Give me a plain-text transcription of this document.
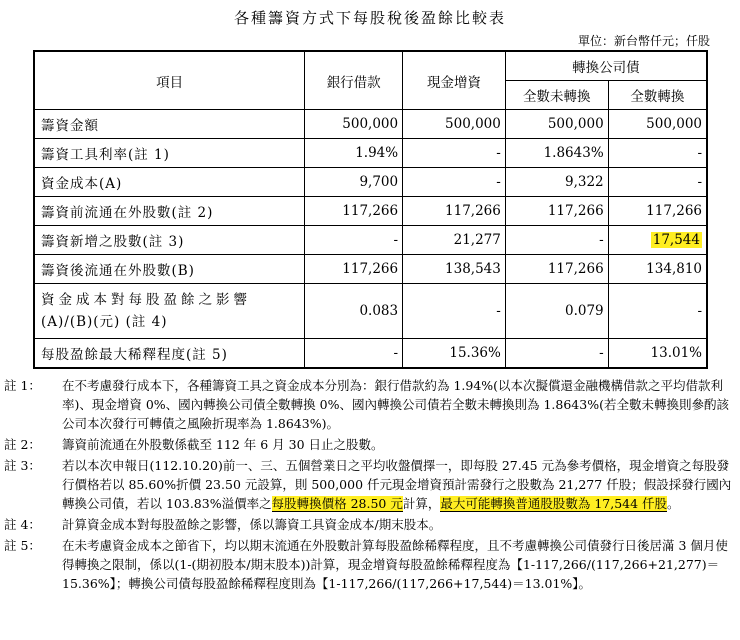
各種籌資方式下每股稅後盈餘比較表
單位：新台幣仟元；仟股
項目	銀行借款	現金增資	轉換公司債	
			全數未轉換	全數轉換
籌資金額	500,000	500,000	500,000	500,000
籌資工具利率(註 1)	1.94%	-	1.8643%	-
資金成本(A)	9,700	-	9,322	-
籌資前流通在外股數(註 2)	117,266	117,266	117,266	117,266
籌資新增之股數(註 3)	-	21,277	-	17,544
籌資後流通在外股數(B)	117,266	138,543	117,266	134,810

資金成本對每股盈餘之影響
(A)/(B)(元) (註 4)	0.083	-	0.079	-
每股盈餘最大稀釋程度(註 5)	-	15.36%	-	13.01%
註 1：	在不考慮發行成本下，各種籌資工具之資金成本分別為：銀行借款約為 1.94%(以本次擬償還金融機構借款之平均借款利率)、現金增資 0%、國內轉換公司債全數轉換 0%、國內轉換公司債若全數未轉換則為 1.8643%(若全數未轉換則參酌該公司本次發行可轉債之風險折現率為 1.8643%)。
註 2：	籌資前流通在外股數係截至 112 年 6 月 30 日止之股數。
註 3：	若以本次申報日(112.10.20)前一、三、五個營業日之平均收盤價擇一，即每股 27.45 元為參考價格，現金增資之每股發行價格若以 85.60%折價 23.50 元設算，則 500,000 仟元現金增資預計需發行之股數為 21,277 仟股；假設採發行國內轉換公司債，若以 103.83%溢價率之每股轉換價格 28.50 元計算，最大可能轉換普通股股數為 17,544 仟股。
註 4：	計算資金成本對每股盈餘之影響，係以籌資工具資金成本/期末股本。
註 5：	在未考慮資金成本之節省下，均以期末流通在外股數計算每股盈餘稀釋程度，且不考慮轉換公司債發行日後居滿 3 個月使得轉換之限制，係以(1-(期初股本/期末股本))計算，現金增資每股盈餘稀釋程度為【1-117,266/(117,266+21,277)＝15.36%】；轉換公司債每股盈餘稀釋程度則為【1-117,266/(117,266+17,544)＝13.01%】。
